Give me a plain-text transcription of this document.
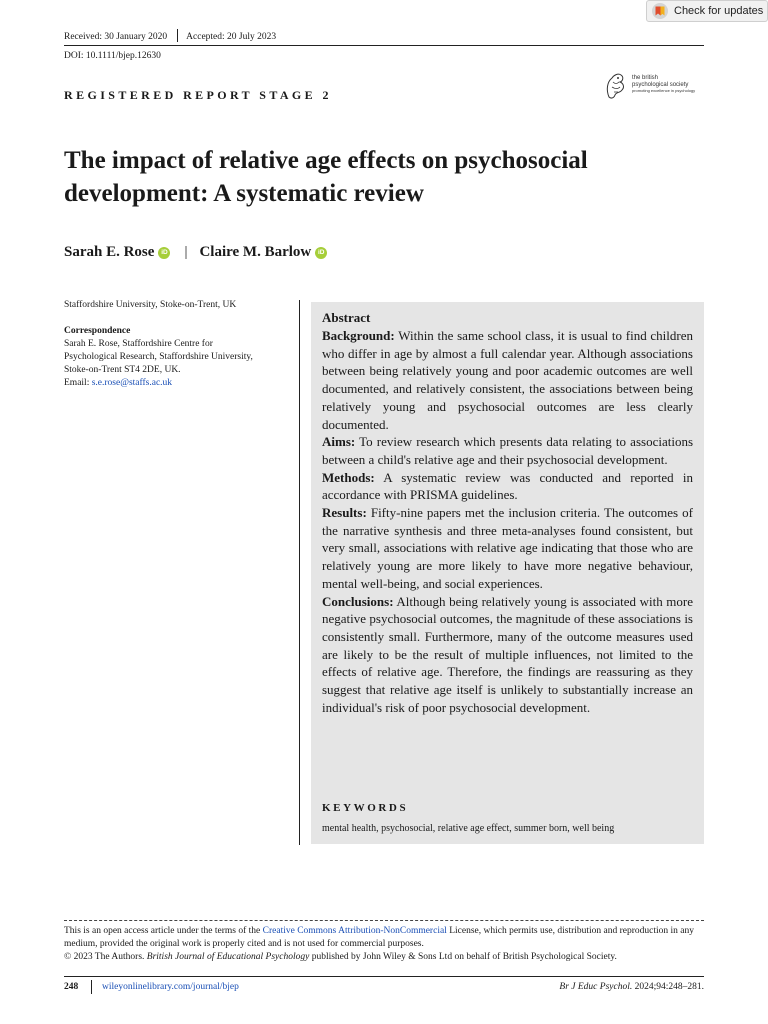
Check for updates
Received: 30 January 2020 Accepted: 20 July 2023
DOI: 10.1111/bjep.12630
the british
psychological society
promoting excellence in psychology
REGISTERED REPORT STAGE 2
The impact of relative age effects on psychosocial
development: A systematic review
Sarah E. Rose	iD | Claire M. Barlow	iD
Staffordshire University, Stoke-on-Trent, UK
Correspondence
Sarah E. Rose, Staffordshire Centre for
Psychological Research, Staffordshire University,
Stoke-on-Trent ST4 2DE, UK.
Email: s.e.rose@staffs.ac.uk
Abstract

Background: Within the same school class, it is usual to find children who differ in age by almost a full calendar year. Although associations between being relatively young and poor academic outcomes are well documented, and relatively consistent, the associations between being relatively young and psychosocial outcomes are less clearly documented.

Aims: To review research which presents data relating to associations between a child's relative age and their psychosocial development.

Methods: A systematic review was conducted and reported in accordance with PRISMA guidelines.

Results: Fifty-nine papers met the inclusion criteria. The outcomes of the narrative synthesis and three meta-analyses found consistent, but very small, associations with relative age indicating that those who are relatively young are more likely to have more negative behaviour, mental well-being, and social experiences.

Conclusions: Although being relatively young is associated with more negative psychosocial outcomes, the magnitude of these associations is consistently small. Furthermore, many of the outcome measures used are likely to be the result of multiple influences, not limited to the effects of relative age. Therefore, the findings are reassuring as they suggest that relative age itself is unlikely to substantially increase an individual's risk of poor psychosocial development.

KEYWORDS
mental health, psychosocial, relative age effect, summer born, well being
This is an open access article under the terms of the Creative Commons Attribution-NonCommercial License, which permits use, distribution and reproduction in any medium, provided the original work is properly cited and is not used for commercial purposes.
© 2023 The Authors. British Journal of Educational Psychology published by John Wiley & Sons Ltd on behalf of British Psychological Society.
248	wileyonlinelibrary.com/journal/bjep	Br J Educ Psychol. 2024;94:248–281.
